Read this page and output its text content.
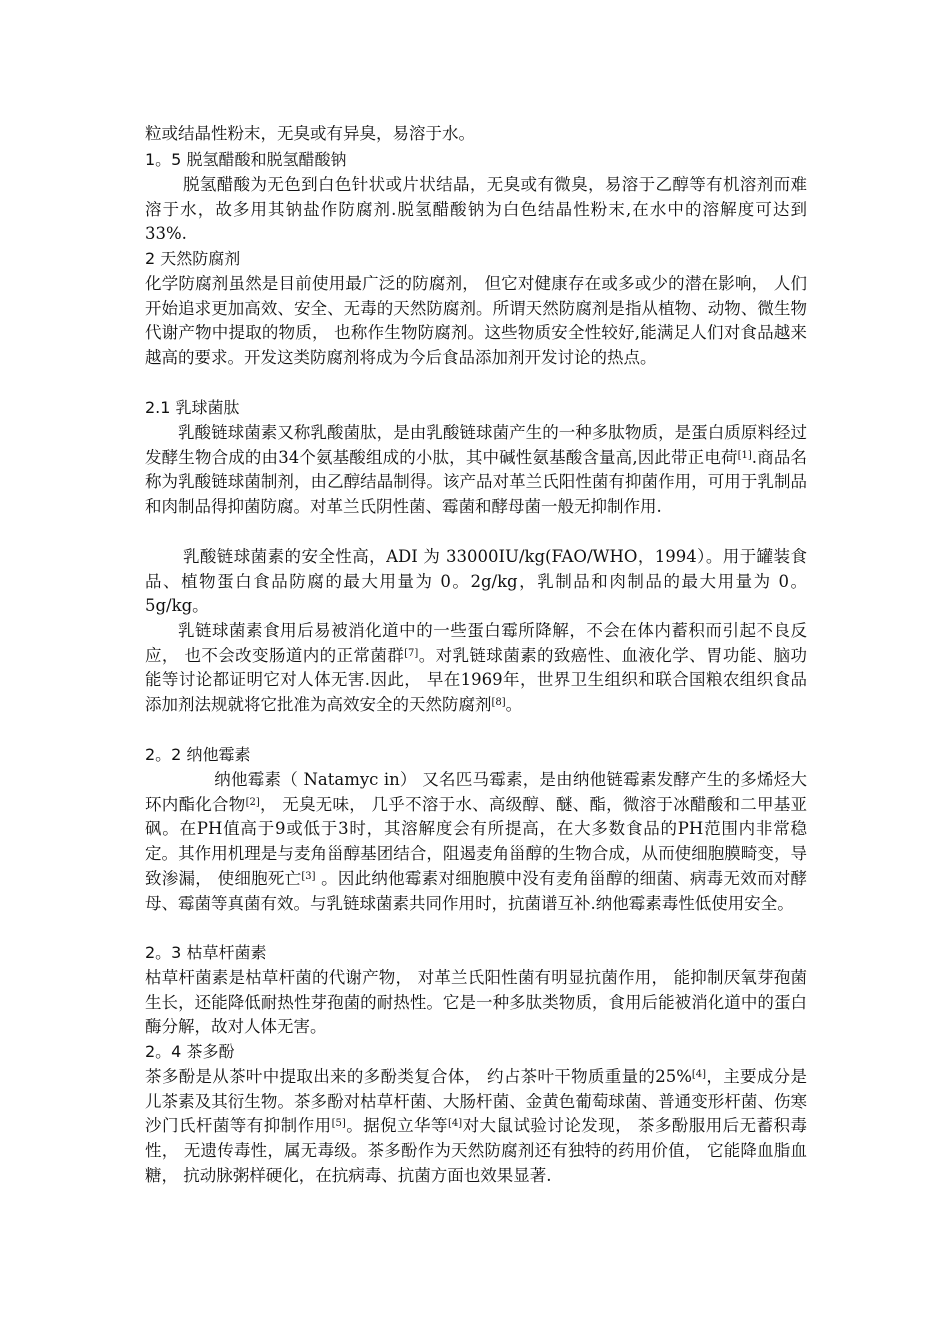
粒或结晶性粉末，无臭或有异臭，易溶于水。

1。5 脱氢醋酸和脱氢醋酸钠

脱氢醋酸为无色到白色针状或片状结晶，无臭或有微臭，易溶于乙醇等有机溶剂而难溶于水，故多用其钠盐作防腐剂.脱氢醋酸钠为白色结晶性粉末,在水中的溶解度可达到 33%.

2 天然防腐剂

化学防腐剂虽然是目前使用最广泛的防腐剂， 但它对健康存在或多或少的潜在影响， 人们开始追求更加高效、安全、无毒的天然防腐剂。所谓天然防腐剂是指从植物、动物、微生物代谢产物中提取的物质， 也称作生物防腐剂。这些物质安全性较好,能满足人们对食品越来越高的要求。开发这类防腐剂将成为今后食品添加剂开发讨论的热点。

2.1 乳球菌肽

乳酸链球菌素又称乳酸菌肽，是由乳酸链球菌产生的一种多肽物质，是蛋白质原料经过发酵生物合成的由34个氨基酸组成的小肽，其中碱性氨基酸含量高,因此带正电荷[1].商品名称为乳酸链球菌制剂，由乙醇结晶制得。该产品对革兰氏阳性菌有抑菌作用，可用于乳制品和肉制品得抑菌防腐。对革兰氏阴性菌、霉菌和酵母菌一般无抑制作用.

乳酸链球菌素的安全性高，ADI 为 33000IU/kg(FAO/WHO，1994）。用于罐装食品、植物蛋白食品防腐的最大用量为 0。2g/kg，乳制品和肉制品的最大用量为 0。5g/kg。

乳链球菌素食用后易被消化道中的一些蛋白霉所降解，不会在体内蓄积而引起不良反应， 也不会改变肠道内的正常菌群[7]。对乳链球菌素的致癌性、血液化学、胃功能、脑功能等讨论都证明它对人体无害.因此， 早在1969年，世界卫生组织和联合国粮农组织食品添加剂法规就将它批准为高效安全的天然防腐剂[8]。

2。2 纳他霉素

纳他霉素（ Natamyc in） 又名匹马霉素，是由纳他链霉素发酵产生的多烯烃大环内酯化合物[2]， 无臭无味， 几乎不溶于水、高级醇、醚、酯，微溶于冰醋酸和二甲基亚砜。在PH值高于9或低于3时，其溶解度会有所提高，在大多数食品的PH范围内非常稳定。其作用机理是与麦角甾醇基团结合，阻遏麦角甾醇的生物合成，从而使细胞膜畸变，导致渗漏， 使细胞死亡[3] 。因此纳他霉素对细胞膜中没有麦角甾醇的细菌、病毒无效而对酵母、霉菌等真菌有效。与乳链球菌素共同作用时，抗菌谱互补.纳他霉素毒性低使用安全。

2。3 枯草杆菌素

枯草杆菌素是枯草杆菌的代谢产物， 对革兰氏阳性菌有明显抗菌作用， 能抑制厌氧芽孢菌生长，还能降低耐热性芽孢菌的耐热性。它是一种多肽类物质，食用后能被消化道中的蛋白酶分解，故对人体无害。

2。4 茶多酚

茶多酚是从茶叶中提取出来的多酚类复合体， 约占茶叶干物质重量的25%[4]，主要成分是儿茶素及其衍生物。茶多酚对枯草杆菌、大肠杆菌、金黄色葡萄球菌、普通变形杆菌、伤寒沙门氏杆菌等有抑制作用[5]。据倪立华等[4]对大鼠试验讨论发现， 茶多酚服用后无蓄积毒性， 无遗传毒性，属无毒级。茶多酚作为天然防腐剂还有独特的药用价值， 它能降血脂血糖， 抗动脉粥样硬化，在抗病毒、抗菌方面也效果显著.
